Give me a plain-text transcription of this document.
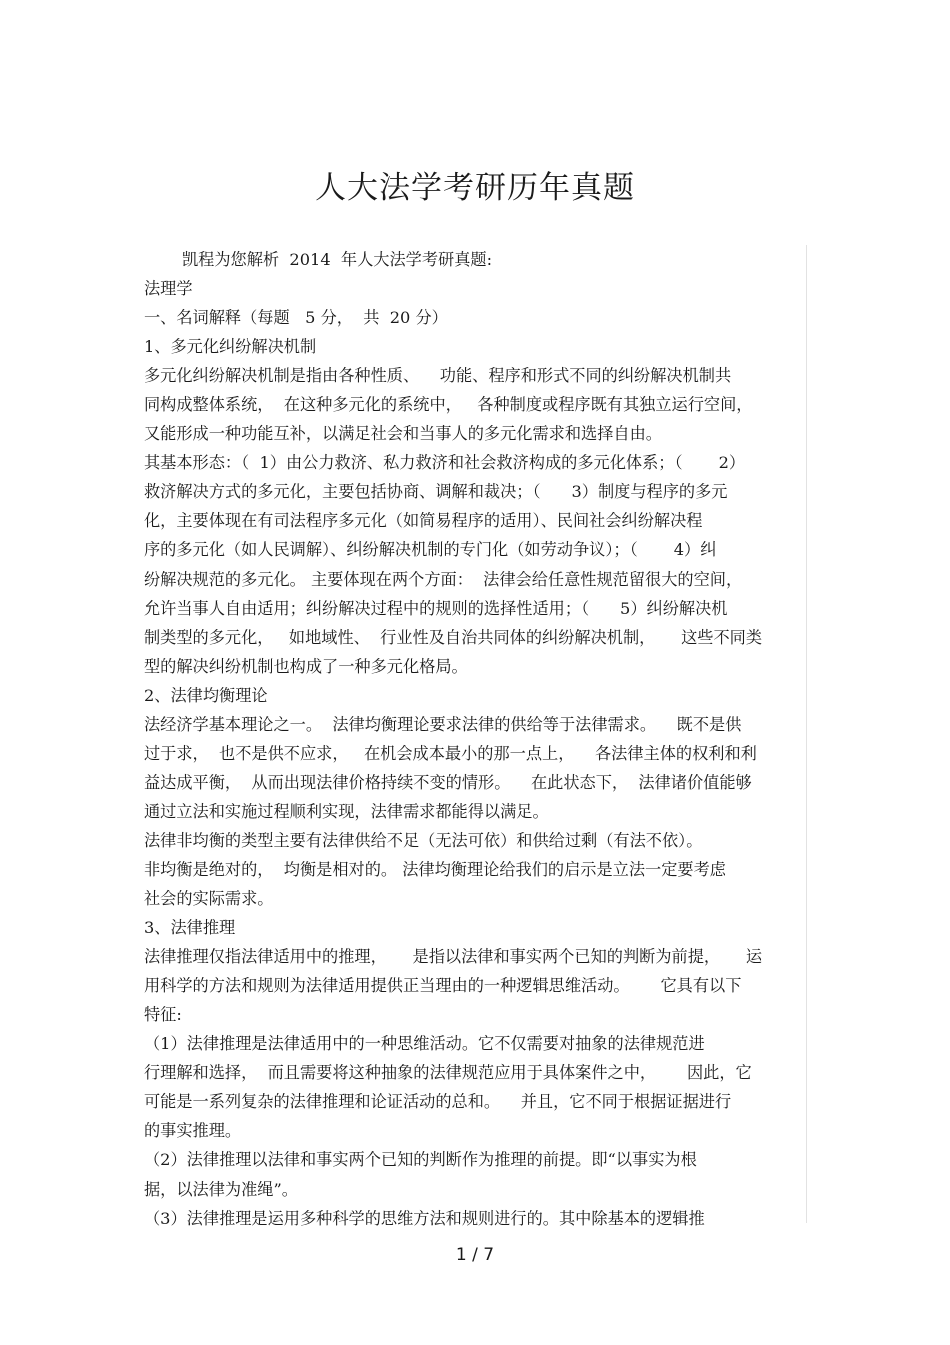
人大法学考研历年真题

凯程为您解析  2014  年人大法学考研真题:

法理学

一、名词解释（每题   5 分，  共  20 分）

1、多元化纠纷解决机制

多元化纠纷解决机制是指由各种性质、    功能、程序和形式不同的纠纷解决机制共

同构成整体系统，  在这种多元化的系统中，   各种制度或程序既有其独立运行空间，

又能形成一种功能互补，以满足社会和当事人的多元化需求和选择自由。

其基本形态：（  1）由公力救济、私力救济和社会救济构成的多元化体系；（       2）

救济解决方式的多元化，主要包括协商、调解和裁决；（      3）制度与程序的多元

化，主要体现在有司法程序多元化（如简易程序的适用）、民间社会纠纷解决程

序的多元化（如人民调解）、纠纷解决机制的专门化（如劳动争议）；（       4）纠

纷解决规范的多元化。 主要体现在两个方面：  法律会给任意性规范留很大的空间，

允许当事人自由适用；纠纷解决过程中的规则的选择性适用；（      5）纠纷解决机

制类型的多元化，   如地域性、  行业性及自治共同体的纠纷解决机制，     这些不同类

型的解决纠纷机制也构成了一种多元化格局。

2、法律均衡理论

法经济学基本理论之一。  法律均衡理论要求法律的供给等于法律需求。    既不是供

过于求，  也不是供不应求，   在机会成本最小的那一点上，    各法律主体的权利和利

益达成平衡，  从而出现法律价格持续不变的情形。    在此状态下，  法律诸价值能够

通过立法和实施过程顺利实现，法律需求都能得以满足。

法律非均衡的类型主要有法律供给不足（无法可依）和供给过剩（有法不依）。

非均衡是绝对的，  均衡是相对的。 法律均衡理论给我们的启示是立法一定要考虑

社会的实际需求。

3、法律推理

法律推理仅指法律适用中的推理，     是指以法律和事实两个已知的判断为前提，     运

用科学的方法和规则为法律适用提供正当理由的一种逻辑思维活动。      它具有以下

特征:

（1）法律推理是法律适用中的一种思维活动。它不仅需要对抽象的法律规范进

行理解和选择，  而且需要将这种抽象的法律规范应用于具体案件之中，      因此，它

可能是一系列复杂的法律推理和论证活动的总和。    并且，它不同于根据证据进行

的事实推理。

（2）法律推理以法律和事实两个已知的判断作为推理的前提。即“以事实为根

据，以法律为准绳”。

（3）法律推理是运用多种科学的思维方法和规则进行的。其中除基本的逻辑推

1 / 7
